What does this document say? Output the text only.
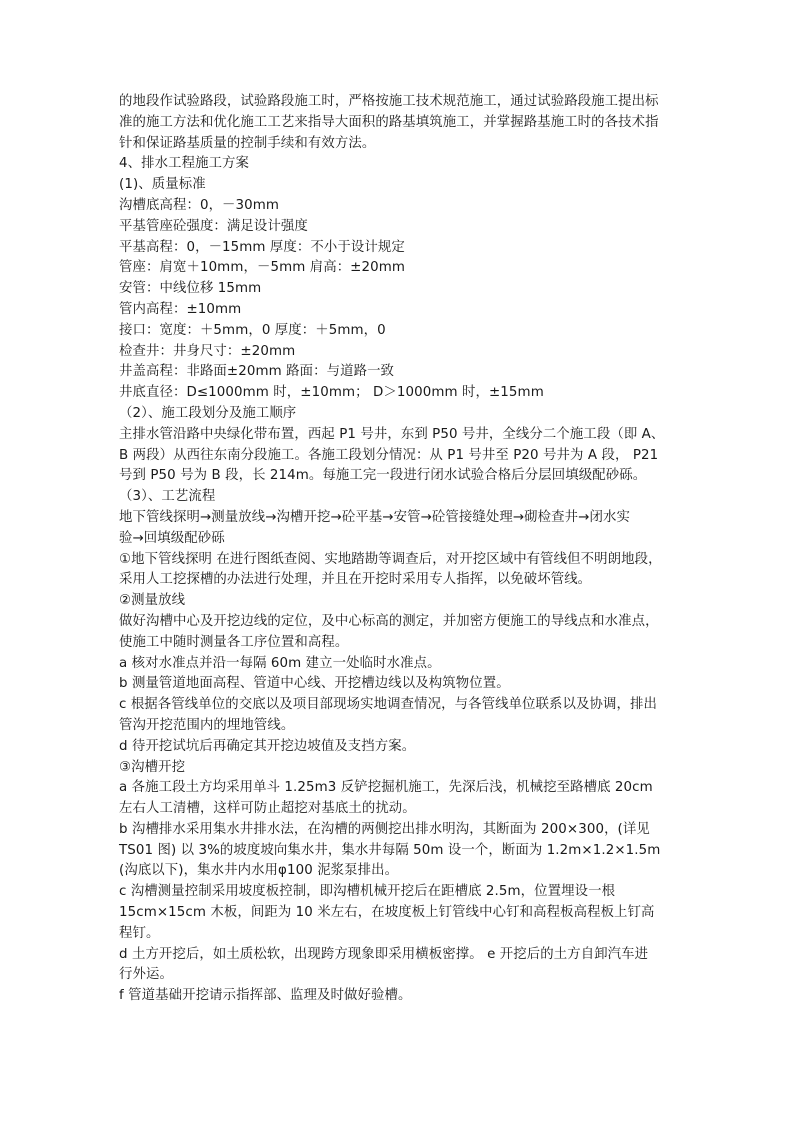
的地段作试验路段，试验路段施工时，严格按施工技术规范施工，通过试验路段施工提出标
准的施工方法和优化施工工艺来指导大面积的路基填筑施工，并掌握路基施工时的各技术指
针和保证路基质量的控制手续和有效方法。
4、排水工程施工方案
(1)、质量标准
沟槽底高程：0，－30mm
平基管座砼强度：满足设计强度
平基高程：0，－15mm 厚度：不小于设计规定
管座：肩宽＋10mm，－5mm 肩高：±20mm
安管：中线位移 15mm
管内高程：±10mm
接口：宽度：＋5mm，0 厚度：＋5mm，0
检查井：井身尺寸：±20mm
井盖高程：非路面±20mm 路面：与道路一致
井底直径：D≤1000mm 时，±10mm； D＞1000mm 时，±15mm
（2）、施工段划分及施工顺序
主排水管沿路中央绿化带布置，西起 P1 号井，东到 P50 号井，全线分二个施工段（即 A、
B 两段）从西往东南分段施工。各施工段划分情况：从 P1 号井至 P20 号井为 A 段， P21
号到 P50 号为 B 段，长 214m。每施工完一段进行闭水试验合格后分层回填级配砂砾。
（3）、工艺流程
地下管线探明→测量放线→沟槽开挖→砼平基→安管→砼管接缝处理→砌检查井→闭水实
验→回填级配砂砾
①地下管线探明 在进行图纸查阅、实地踏勘等调查后，对开挖区域中有管线但不明朗地段，
采用人工挖探槽的办法进行处理，并且在开挖时采用专人指挥，以免破坏管线。
②测量放线
做好沟槽中心及开挖边线的定位，及中心标高的测定，并加密方便施工的导线点和水准点，
使施工中随时测量各工序位置和高程。
a 核对水准点并沿一每隔 60m 建立一处临时水准点。
b 测量管道地面高程、管道中心线、开挖槽边线以及构筑物位置。
c 根据各管线单位的交底以及项目部现场实地调查情况，与各管线单位联系以及协调，排出
管沟开挖范围内的埋地管线。
d 待开挖试坑后再确定其开挖边坡值及支挡方案。
③沟槽开挖
a 各施工段土方均采用单斗 1.25m3 反铲挖掘机施工，先深后浅，机械挖至路槽底 20cm
左右人工清槽，这样可防止超挖对基底土的扰动。
b 沟槽排水采用集水井排水法，在沟槽的两侧挖出排水明沟，其断面为 200×300，(详见
TS01 图) 以 3%的坡度坡向集水井，集水井每隔 50m 设一个，断面为 1.2m×1.2×1.5m
(沟底以下)，集水井内水用φ100 泥浆泵排出。
c 沟槽测量控制采用坡度板控制，即沟槽机械开挖后在距槽底 2.5m，位置埋设一根
15cm×15cm 木板，间距为 10 米左右，在坡度板上钉管线中心钉和高程板高程板上钉高
程钉。
d 土方开挖后，如土质松软，出现跨方现象即采用横板密撑。 e 开挖后的土方自卸汽车进
行外运。
f 管道基础开挖请示指挥部、监理及时做好验槽。
